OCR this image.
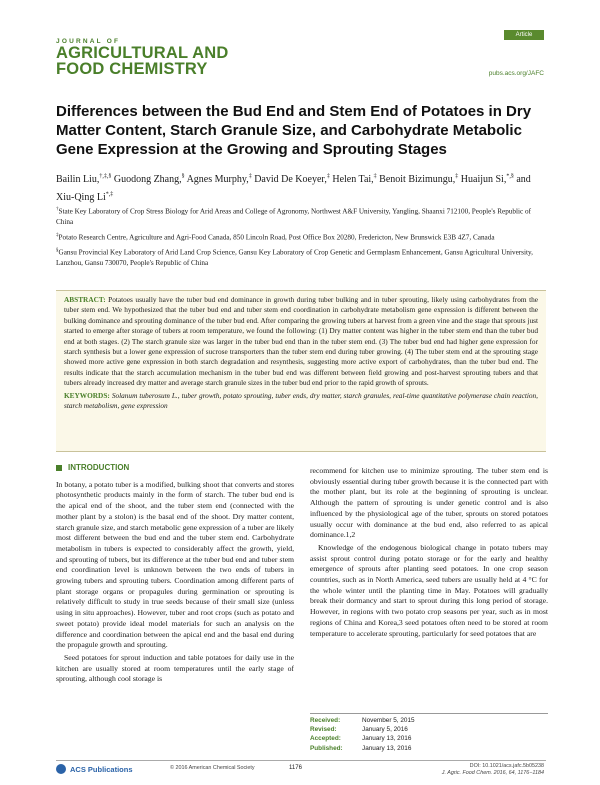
JOURNAL OF
AGRICULTURAL AND
FOOD CHEMISTRY
Article
pubs.acs.org/JAFC
Differences between the Bud End and Stem End of Potatoes in Dry Matter Content, Starch Granule Size, and Carbohydrate Metabolic Gene Expression at the Growing and Sprouting Stages
Bailin Liu,†,‡,§ Guodong Zhang,§ Agnes Murphy,‡ David De Koeyer,‡ Helen Tai,‡ Benoit Bizimungu,‡ Huaijun Si,*,§ and Xiu-Qing Li*,‡
†State Key Laboratory of Crop Stress Biology for Arid Areas and College of Agronomy, Northwest A&F University, Yangling, Shaanxi 712100, People's Republic of China
‡Potato Research Centre, Agriculture and Agri-Food Canada, 850 Lincoln Road, Post Office Box 20280, Fredericton, New Brunswick E3B 4Z7, Canada
§Gansu Provincial Key Laboratory of Arid Land Crop Science, Gansu Key Laboratory of Crop Genetic and Germplasm Enhancement, Gansu Agricultural University, Lanzhou, Gansu 730070, People's Republic of China

ABSTRACT: Potatoes usually have the tuber bud end dominance in growth during tuber bulking and in tuber sprouting, likely using carbohydrates from the tuber stem end. We hypothesized that the tuber bud end and tuber stem end coordination in carbohydrate metabolism gene expression is different between the bulking dominance and sprouting dominance of the tuber bud end. After comparing the growing tubers at harvest from a green vine and the stage that sprouts just started to emerge after storage of tubers at room temperature, we found the following: (1) Dry matter content was higher in the tuber stem end than the tuber bud end at both stages. (2) The starch granule size was larger in the tuber bud end than in the tuber stem end. (3) The tuber bud end had higher gene expression for starch synthesis but a lower gene expression of sucrose transporters than the tuber stem end during tuber growing. (4) The tuber stem end at the sprouting stage showed more active gene expression in both starch degradation and resynthesis, suggesting more active export of carbohydrates, than the tuber bud end. The results indicate that the starch accumulation mechanism in the tuber bud end was different between field growing and post-harvest sprouting tubers and that tubers already increased dry matter and average starch granule sizes in the tuber bud end prior to the rapid growth of sprouts.

KEYWORDS: Solanum tuberosum L., tuber growth, potato sprouting, tuber ends, dry matter, starch granules, real-time quantitative polymerase chain reaction, starch metabolism, gene expression

INTRODUCTION

In botany, a potato tuber is a modified, bulking shoot that converts and stores photosynthetic products mainly in the form of starch. The tuber bud end is the apical end of the shoot, and the tuber stem end (connected with the mother plant by a stolon) is the basal end of the shoot. Dry matter content, starch granule size, and starch metabolic gene expression of a tuber are likely most different between the bud end and the tuber stem end. Carbohydrate metabolism in tubers is expected to considerably affect the growth, yield, and sprouting of tubers, but its difference at the tuber bud end and tuber stem end coordination level is unknown between the two ends of tubers in growing tubers and sprouting tubers. Coordination among different parts of plant storage organs or propagules during germination or sprouting is relatively difficult to study in true seeds because of their small size (unless using in situ approaches). However, tuber and root crops (such as potato and sweet potato) provide ideal model materials for such an analysis on the difference and coordination between the apical end and the basal end during the propagule growth and sprouting.

Seed potatoes for sprout induction and table potatoes for daily use in the kitchen are usually stored at room temperatures until the early stage of sprouting, although cool storage is

recommend for kitchen use to minimize sprouting. The tuber stem end is obviously essential during tuber growth because it is the connected part with the mother plant, but its role at the beginning of sprouting is unclear. Although the pattern of sprouting is under genetic control and is also influenced by the physiological age of the tuber, sprouts on stored potatoes usually occur with dominance at the bud end, also referred to as apical dominance.1,2

Knowledge of the endogenous biological change in potato tubers may assist sprout control during potato storage or for the early and healthy emergence of sprouts after planting seed potatoes. In one crop season countries, such as in North America, seed tubers are usually held at 4 °C for the whole winter until the planting time in May. Potatoes will gradually break their dormancy and start to sprout during this long period of storage. However, in regions with two potato crop seasons per year, such as in most regions of China and Korea,3 seed potatoes often need to be stored at room temperature to accelerate sprouting, particularly for seed potatoes that are

Received:	November 5, 2015
Revised:	January 5, 2016
Accepted:	January 13, 2016
Published:	January 13, 2016
ACS Publications	© 2016 American Chemical Society	1176	DOI: 10.1021/acs.jafc.5b05238
J. Agric. Food Chem. 2016, 64, 1176−1184
